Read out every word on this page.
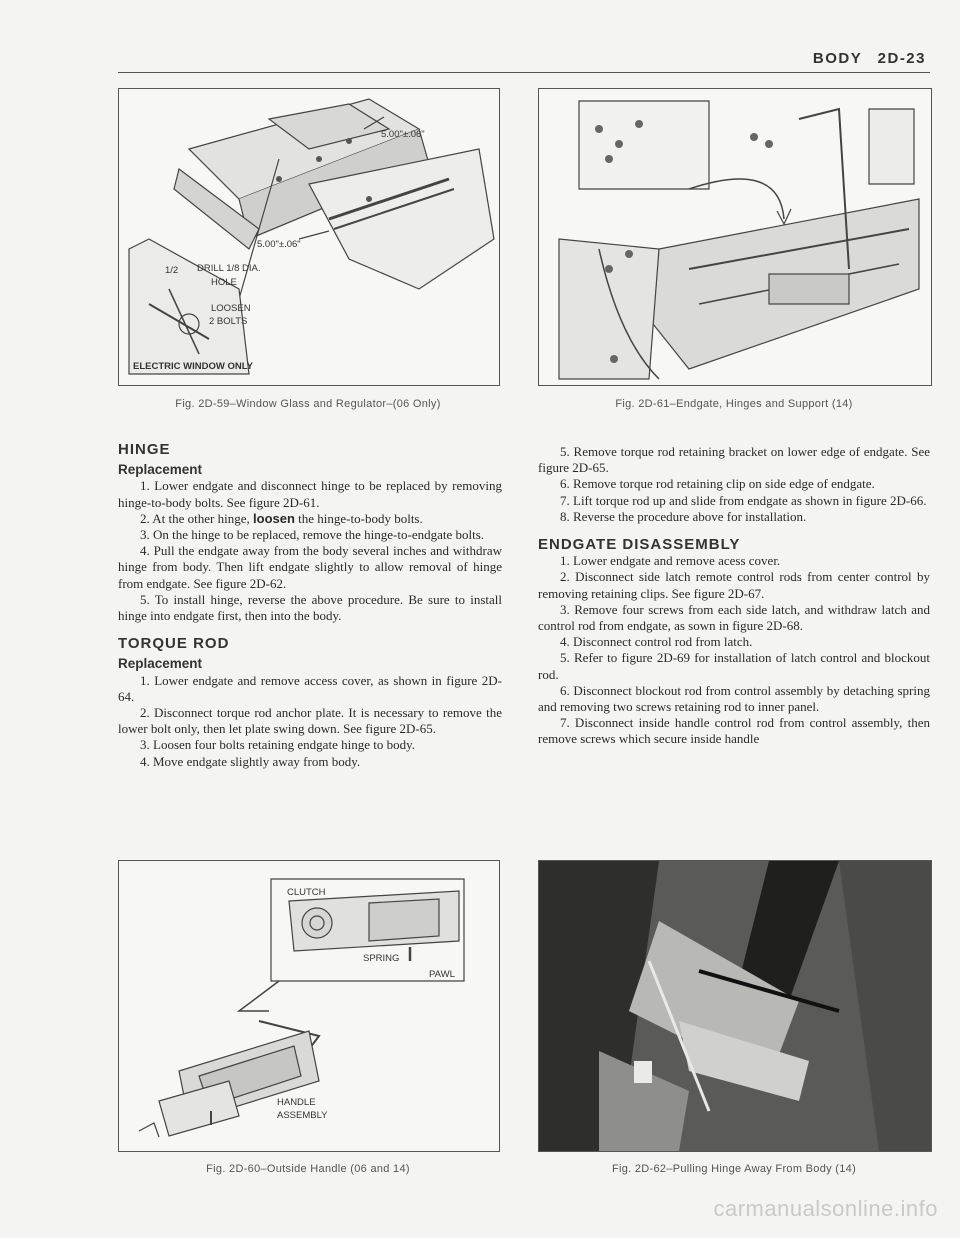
BODY 2D-23
5.00"±.06"
5.00"±.06"
1/2 DRILL 1/8 DIA.
HOLE
LOOSEN
2 BOLTS
ELECTRIC WINDOW ONLY
Fig. 2D-59–Window Glass and Regulator–(06 Only)	Fig. 2D-61–Endgate, Hinges and Support (14)
HINGE
Replacement

1. Lower endgate and disconnect hinge to be replaced by removing hinge-to-body bolts. See figure 2D-61.

2. At the other hinge, loosen the hinge-to-body bolts.

3. On the hinge to be replaced, remove the hinge-to-endgate bolts.

4. Pull the endgate away from the body several inches and withdraw hinge from body. Then lift endgate slightly to allow removal of hinge from endgate. See figure 2D-62.

5. To install hinge, reverse the above procedure. Be sure to install hinge into endgate first, then into the body.

TORQUE ROD
Replacement

1. Lower endgate and remove access cover, as shown in figure 2D-64.

2. Disconnect torque rod anchor plate. It is necessary to remove the lower bolt only, then let plate swing down. See figure 2D-65.

3. Loosen four bolts retaining endgate hinge to body.

4. Move endgate slightly away from body.

5. Remove torque rod retaining bracket on lower edge of endgate. See figure 2D-65.

6. Remove torque rod retaining clip on side edge of endgate.

7. Lift torque rod up and slide from endgate as shown in figure 2D-66.

8. Reverse the procedure above for installation.

ENDGATE DISASSEMBLY

1. Lower endgate and remove acess cover.

2. Disconnect side latch remote control rods from center control by removing retaining clips. See figure 2D-67.

3. Remove four screws from each side latch, and withdraw latch and control rod from endgate, as sown in figure 2D-68.

4. Disconnect control rod from latch.

5. Refer to figure 2D-69 for installation of latch control and blockout rod.

6. Disconnect blockout rod from control assembly by detaching spring and removing two screws retaining rod to inner panel.

7. Disconnect inside handle control rod from control assembly, then remove screws which secure inside handle

CLUTCH
SPRING
PAWL
HANDLE
ASSEMBLY
Fig. 2D-60–Outside Handle (06 and 14)	Fig. 2D-62–Pulling Hinge Away From Body (14)
carmanualsonline.info
